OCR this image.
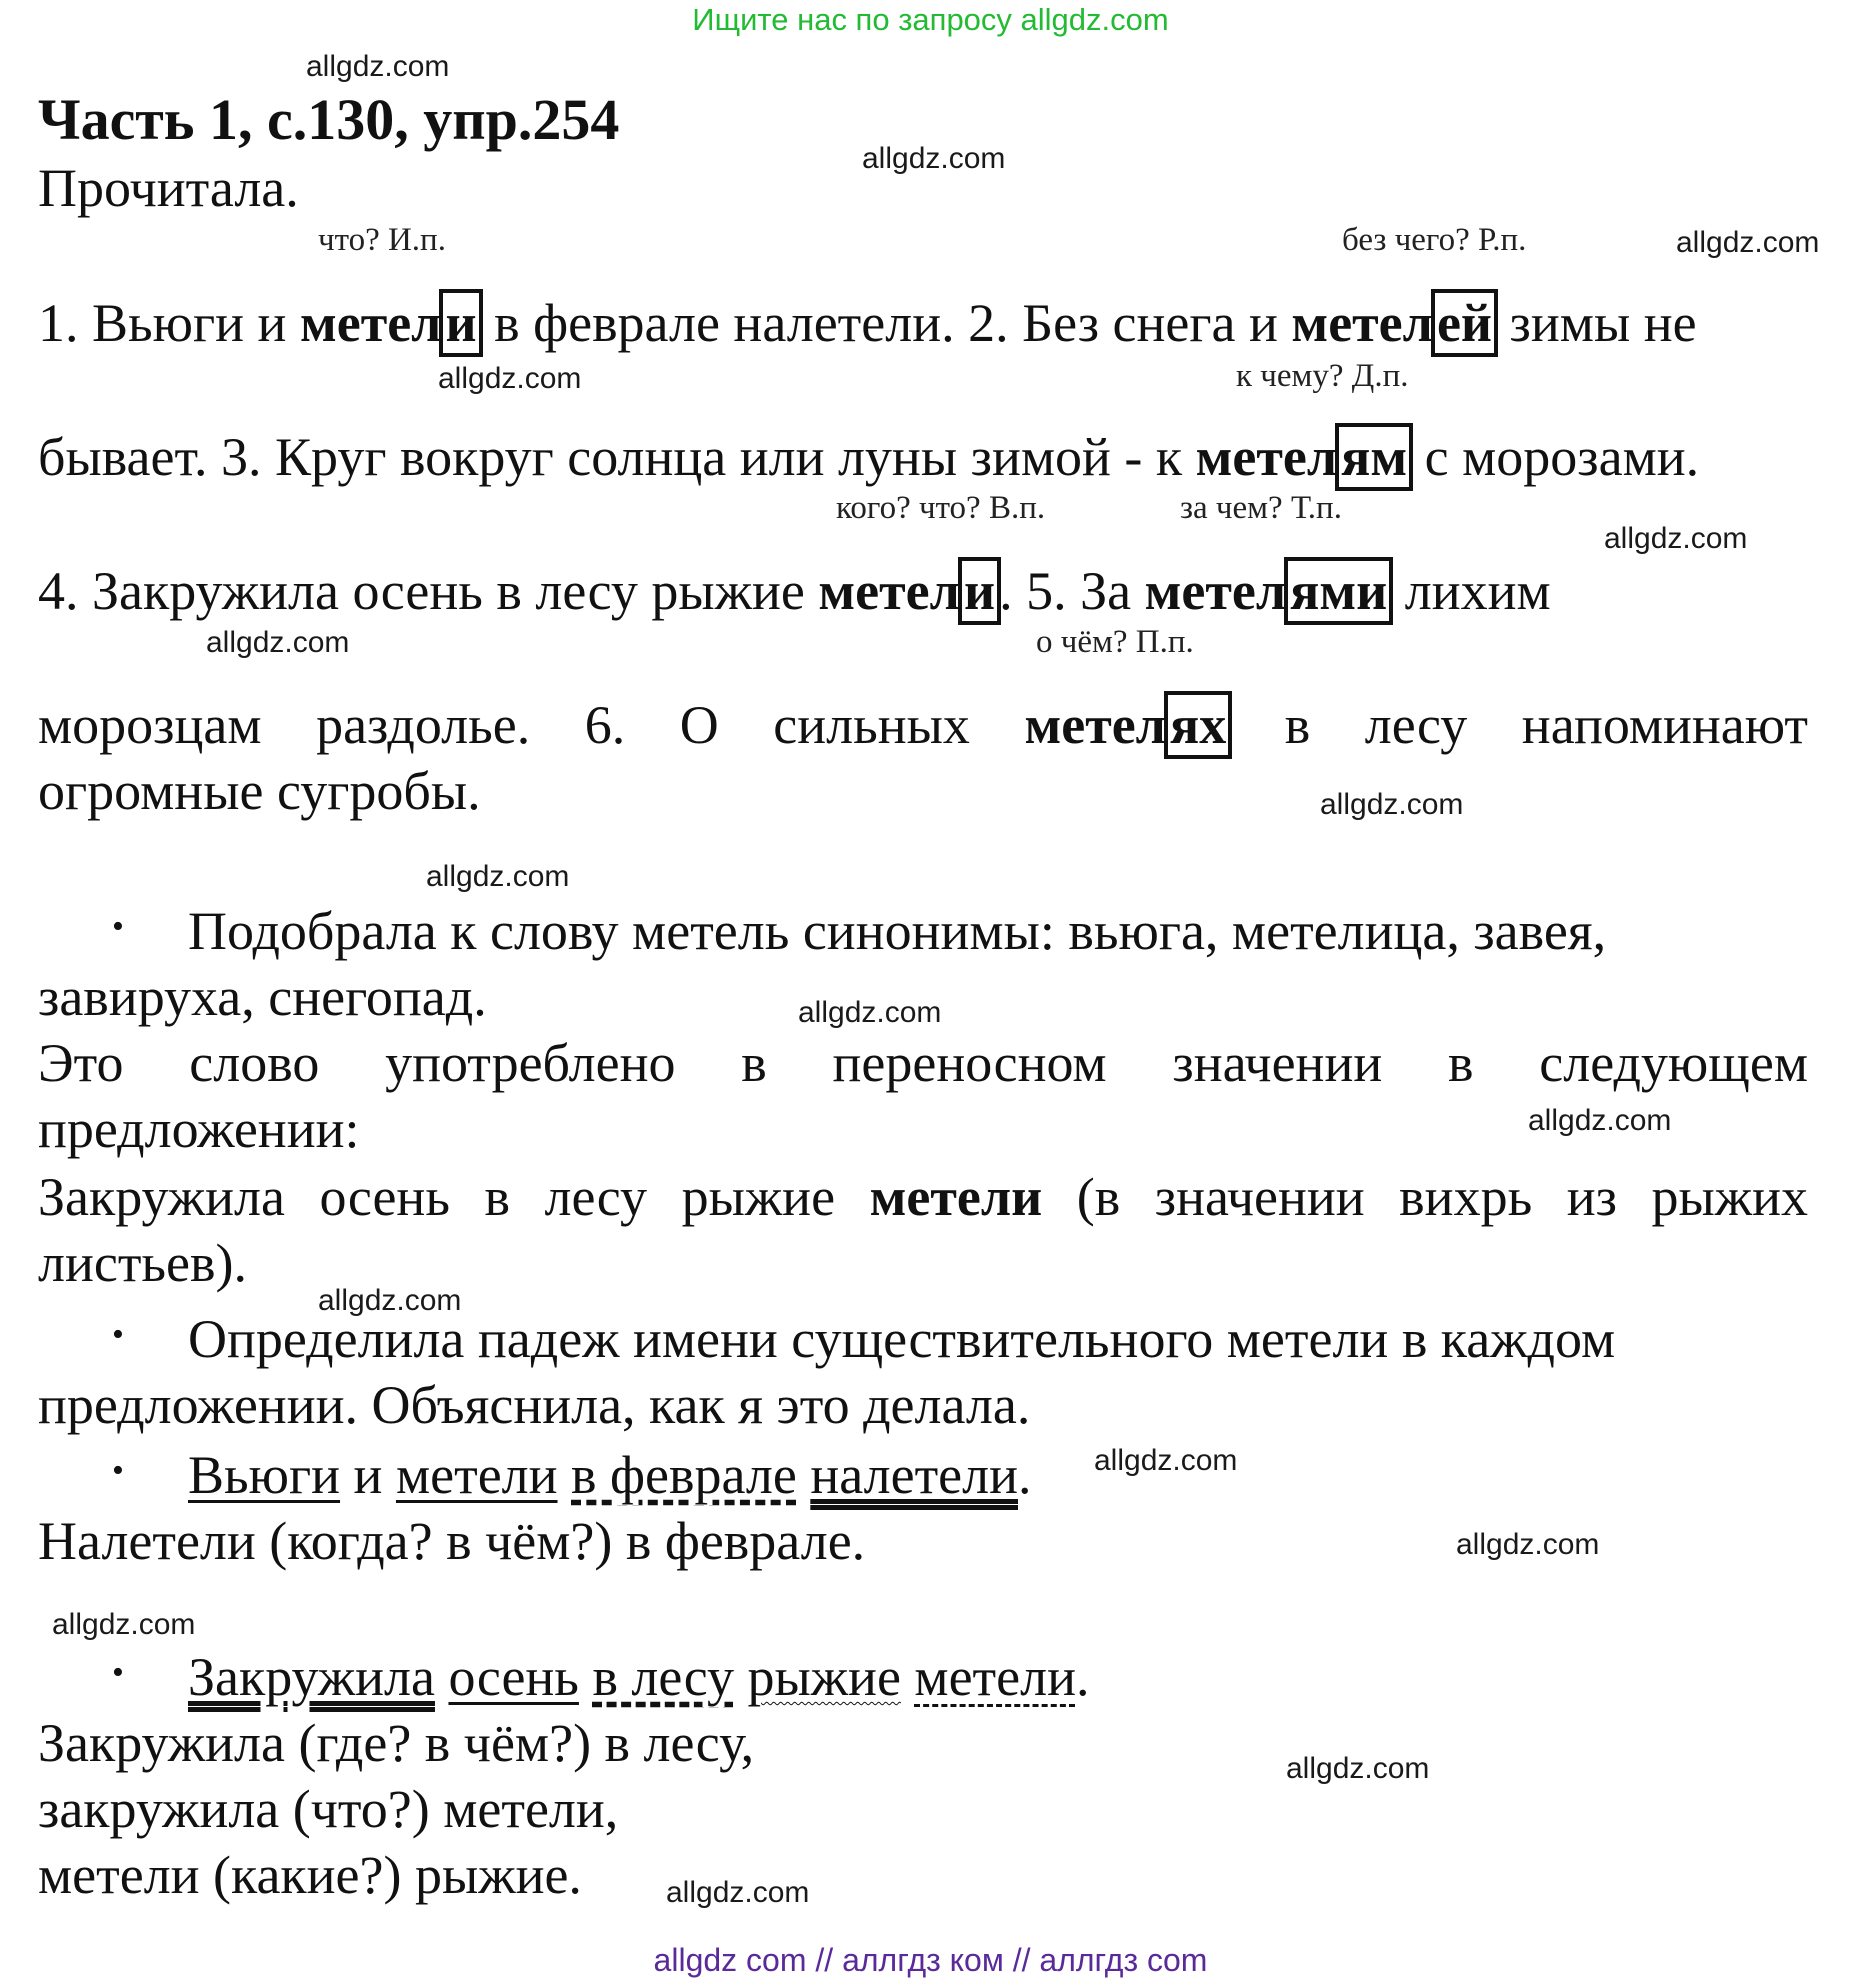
Ищите нас по запросу allgdz.com
Часть 1, с.130, упр.254
Прочитала.
что? И.п.	без чего? Р.п.
1. Вьюги и метели в феврале налетели. 2. Без снега и метелей зимы не
к чему? Д.п.
бывает. 3. Круг вокруг солнца или луны зимой - к метелям с морозами.
кого? что? В.п.	за чем? Т.п.
4. Закружила осень в лесу рыжие метели. 5. За метелями лихим
о чём? П.п.
морозцам раздолье. 6. О сильных метелях в лесу напоминают
огромные сугробы.
• Подобрала к слову метель синонимы: вьюга, метелица, завея,
завируха, снегопад.
Это слово употреблено в переносном значении в следующем
предложении:
Закружила осень в лесу рыжие метели (в значении вихрь из рыжих
листьев).
• Определила падеж имени существительного метели в каждом
предложении. Объяснила, как я это делала.
• Вьюги и метели в феврале налетели.
Налетели (когда? в чём?) в феврале.
• Закружила осень в лесу рыжие метели.
Закружила (где? в чём?) в лесу,
закружила (что?) метели,
метели (какие?) рыжие.
allgdz.com
allgdz.com
allgdz.com
allgdz.com
allgdz.com
allgdz.com
allgdz.com
allgdz.com
allgdz.com
allgdz.com
allgdz.com
allgdz.com
allgdz.com
allgdz.com
allgdz.com
allgdz.com
allgdz com // аллгдз ком // аллгдз com
